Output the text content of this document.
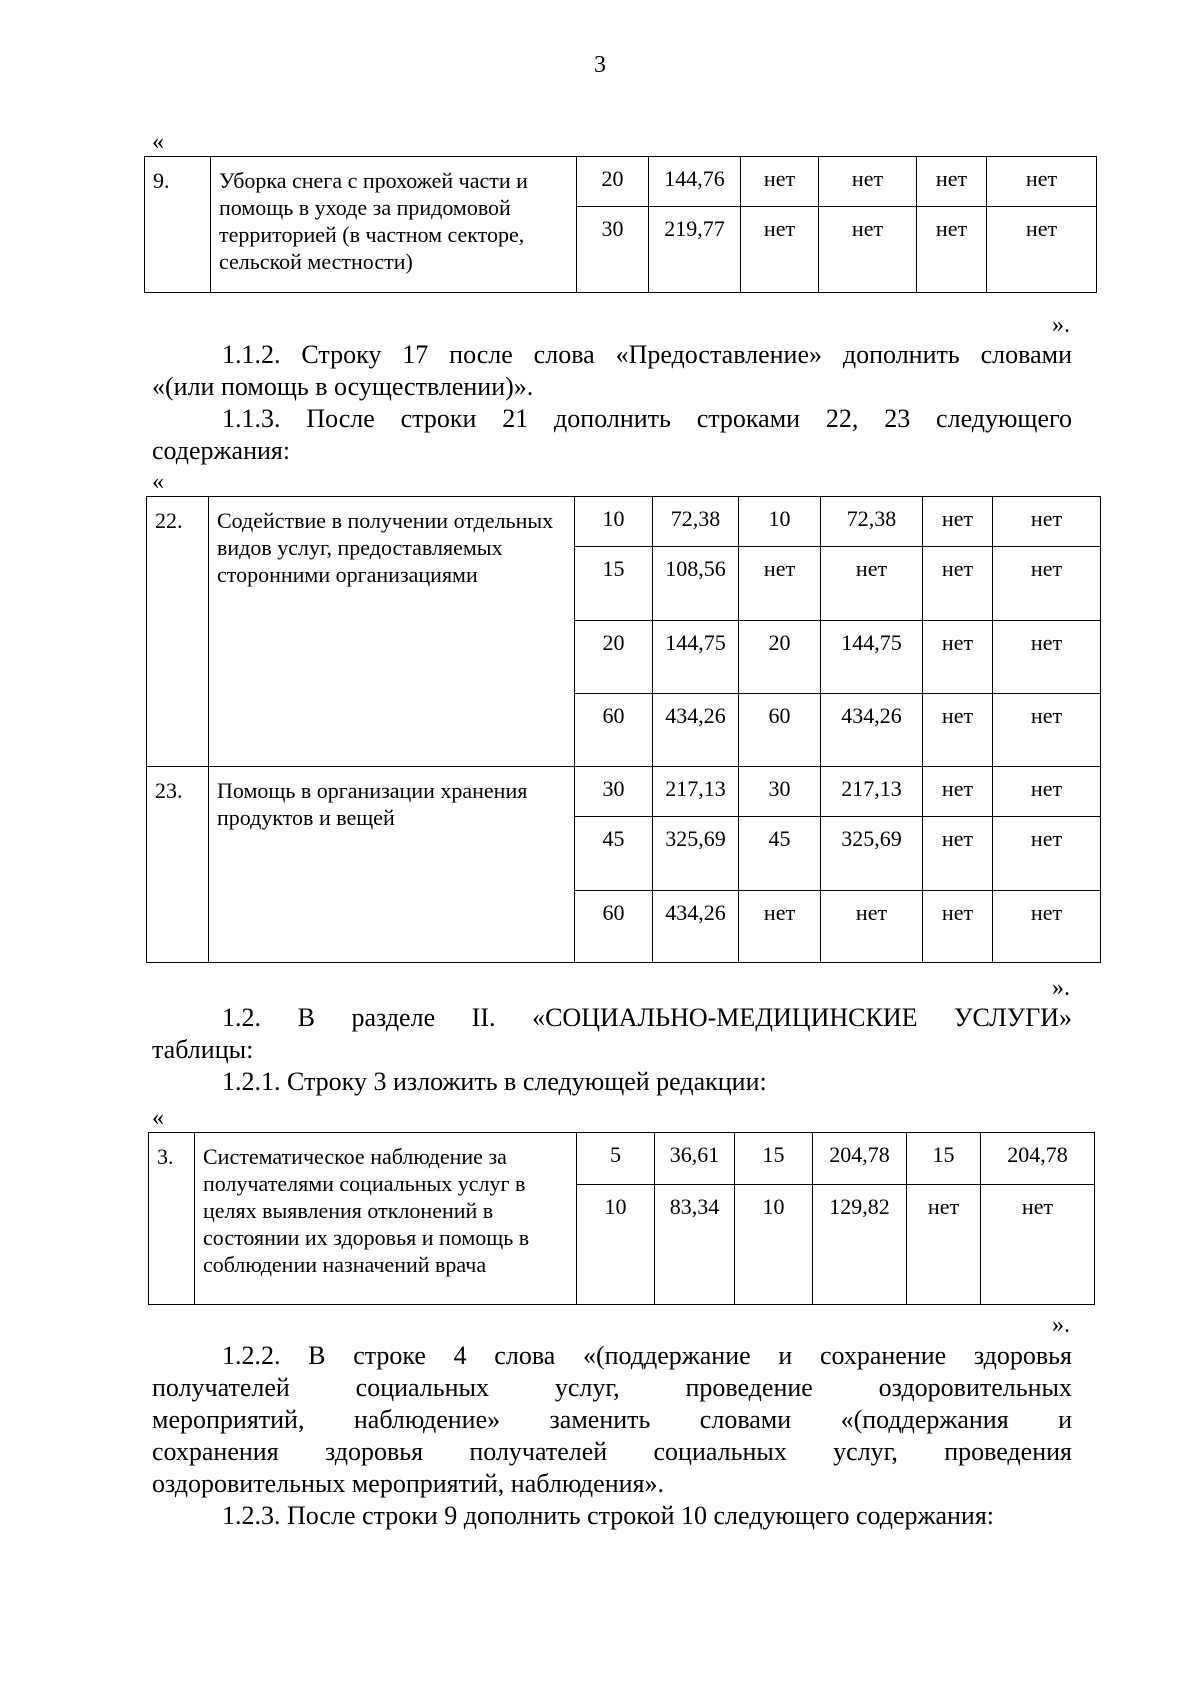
3
«
9.	Уборка снега с прохожей части и помощь в уходе за придомовой территорией (в частном секторе, сельской местности)	20	144,76	нет	нет	нет	нет
		30	219,77	нет	нет	нет	нет
».
1.1.2. Строку 17 после слова «Предоставление» дополнить словами
«(или помощь в осуществлении)».
1.1.3. После строки 21 дополнить строками 22, 23 следующего
содержания:
«
22.	Содействие в получении отдельных видов услуг, предоставляемых сторонними организациями	10	72,38	10	72,38	нет	нет
		15	108,56	нет	нет	нет	нет
		20	144,75	20	144,75	нет	нет
		60	434,26	60	434,26	нет	нет
23.	Помощь в организации хранения продуктов и вещей	30	217,13	30	217,13	нет	нет
		45	325,69	45	325,69	нет	нет
		60	434,26	нет	нет	нет	нет
».
1.2. В разделе II. «СОЦИАЛЬНО-МЕДИЦИНСКИЕ УСЛУГИ»
таблицы:
1.2.1. Строку 3 изложить в следующей редакции:
«
3.	Систематическое наблюдение за получателями социальных услуг в целях выявления отклонений в состоянии их здоровья и помощь в соблюдении назначений врача	5	36,61	15	204,78	15	204,78
		10	83,34	10	129,82	нет	нет
».
1.2.2. В строке 4 слова «(поддержание и сохранение здоровья
получателей социальных услуг, проведение оздоровительных
мероприятий, наблюдение» заменить словами «(поддержания и
сохранения здоровья получателей социальных услуг, проведения
оздоровительных мероприятий, наблюдения».
1.2.3. После строки 9 дополнить строкой 10 следующего содержания:
